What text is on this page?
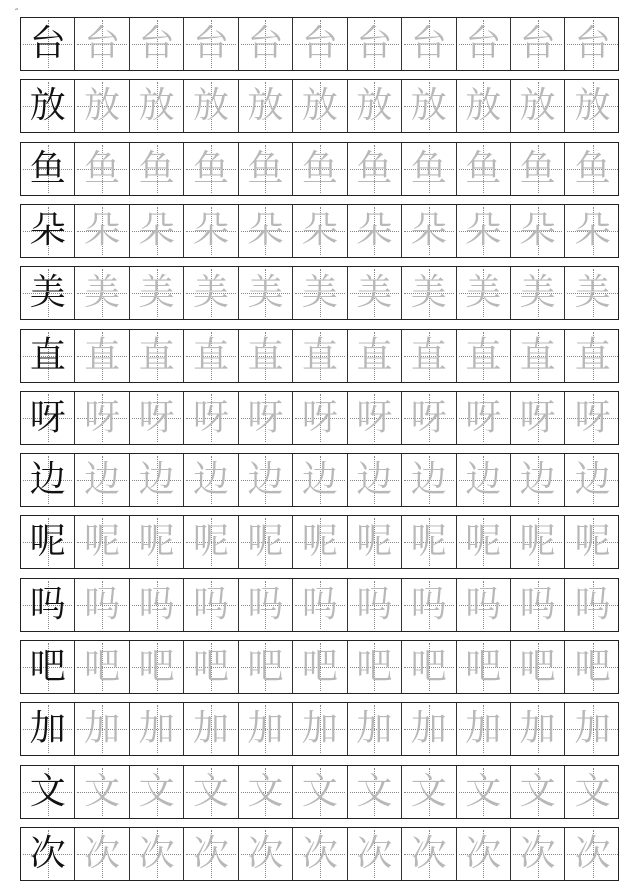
″
台 台 台 台 台 台 台 台 台 台 台
放 放 放 放 放 放 放 放 放 放 放
鱼 鱼 鱼 鱼 鱼 鱼 鱼 鱼 鱼 鱼 鱼
朵 朵 朵 朵 朵 朵 朵 朵 朵 朵 朵
美 美 美 美 美 美 美 美 美 美 美
直 直 直 直 直 直 直 直 直 直 直
呀 呀 呀 呀 呀 呀 呀 呀 呀 呀 呀
边 边 边 边 边 边 边 边 边 边 边
呢 呢 呢 呢 呢 呢 呢 呢 呢 呢 呢
吗 吗 吗 吗 吗 吗 吗 吗 吗 吗 吗
吧 吧 吧 吧 吧 吧 吧 吧 吧 吧 吧
加 加 加 加 加 加 加 加 加 加 加
文 文 文 文 文 文 文 文 文 文 文
次 次 次 次 次 次 次 次 次 次 次
